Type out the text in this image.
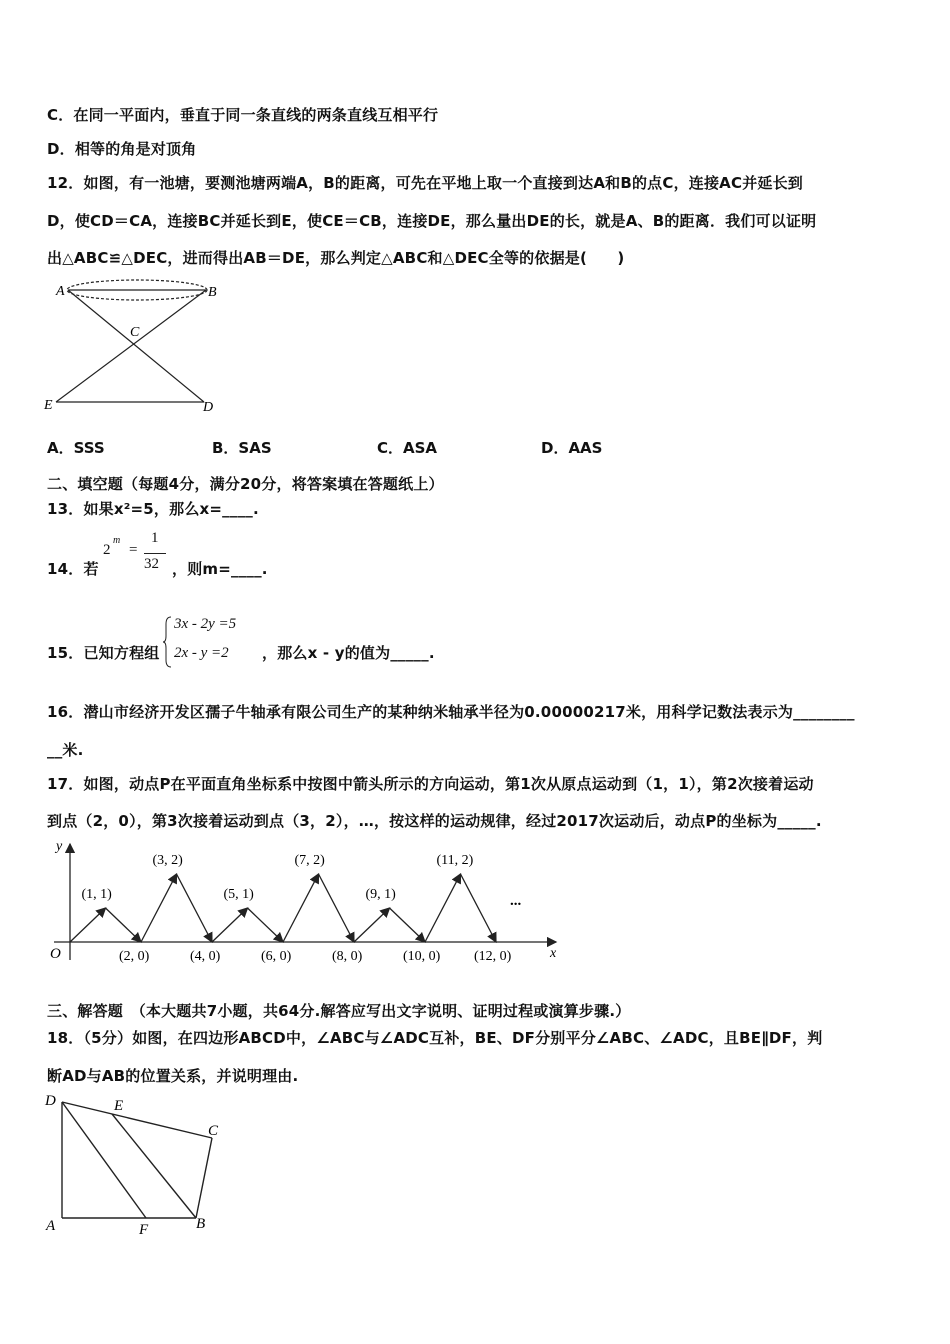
C．在同一平面内，垂直于同一条直线的两条直线互相平行
D．相等的角是对顶角
12．如图，有一池塘，要测池塘两端A，B的距离，可先在平地上取一个直接到达A和B的点C，连接AC并延长到
D，使CD＝CA，连接BC并延长到E，使CE＝CB，连接DE，那么量出DE的长，就是A、B的距离．我们可以证明
出△ABC≌△DEC，进而得出AB＝DE，那么判定△ABC和△DEC全等的依据是(　　)
A	B
C
E	D
A．SSS	B．SAS	C．ASA	D．AAS
二、填空题（每题4分，满分20分，将答案填在答题纸上）
13．如果x²=5，那么x=____.
14．若
2
m
=
1
32 ，则m=____.
15．已知方程组
3x - 2y =5
2x - y =2 ，那么x - y的值为_____.
16．潜山市经济开发区孺子牛轴承有限公司生产的某种纳米轴承半径为0.00000217米，用科学记数法表示为________
__米.
17．如图，动点P在平面直角坐标系中按图中箭头所示的方向运动，第1次从原点运动到（1，1），第2次接着运动
到点（2，0），第3次接着运动到点（3，2），…，按这样的运动规律，经过2017次运动后，动点P的坐标为_____.
y
x
O
(1, 1)
(3, 2)
(5, 1)
(7, 2)
(9, 1)
(11, 2)
(2, 0)	(4, 0)	(6, 0)	(8, 0)	(10, 0) (12, 0)
...
三、解答题　（本大题共7小题，共64分.解答应写出文字说明、证明过程或演算步骤.）
18．（5分）如图，在四边形ABCD中，∠ABC与∠ADC互补，BE、DF分别平分∠ABC、∠ADC，且BE∥DF，判
断AD与AB的位置关系，并说明理由.
D	E
C
A	F	B
